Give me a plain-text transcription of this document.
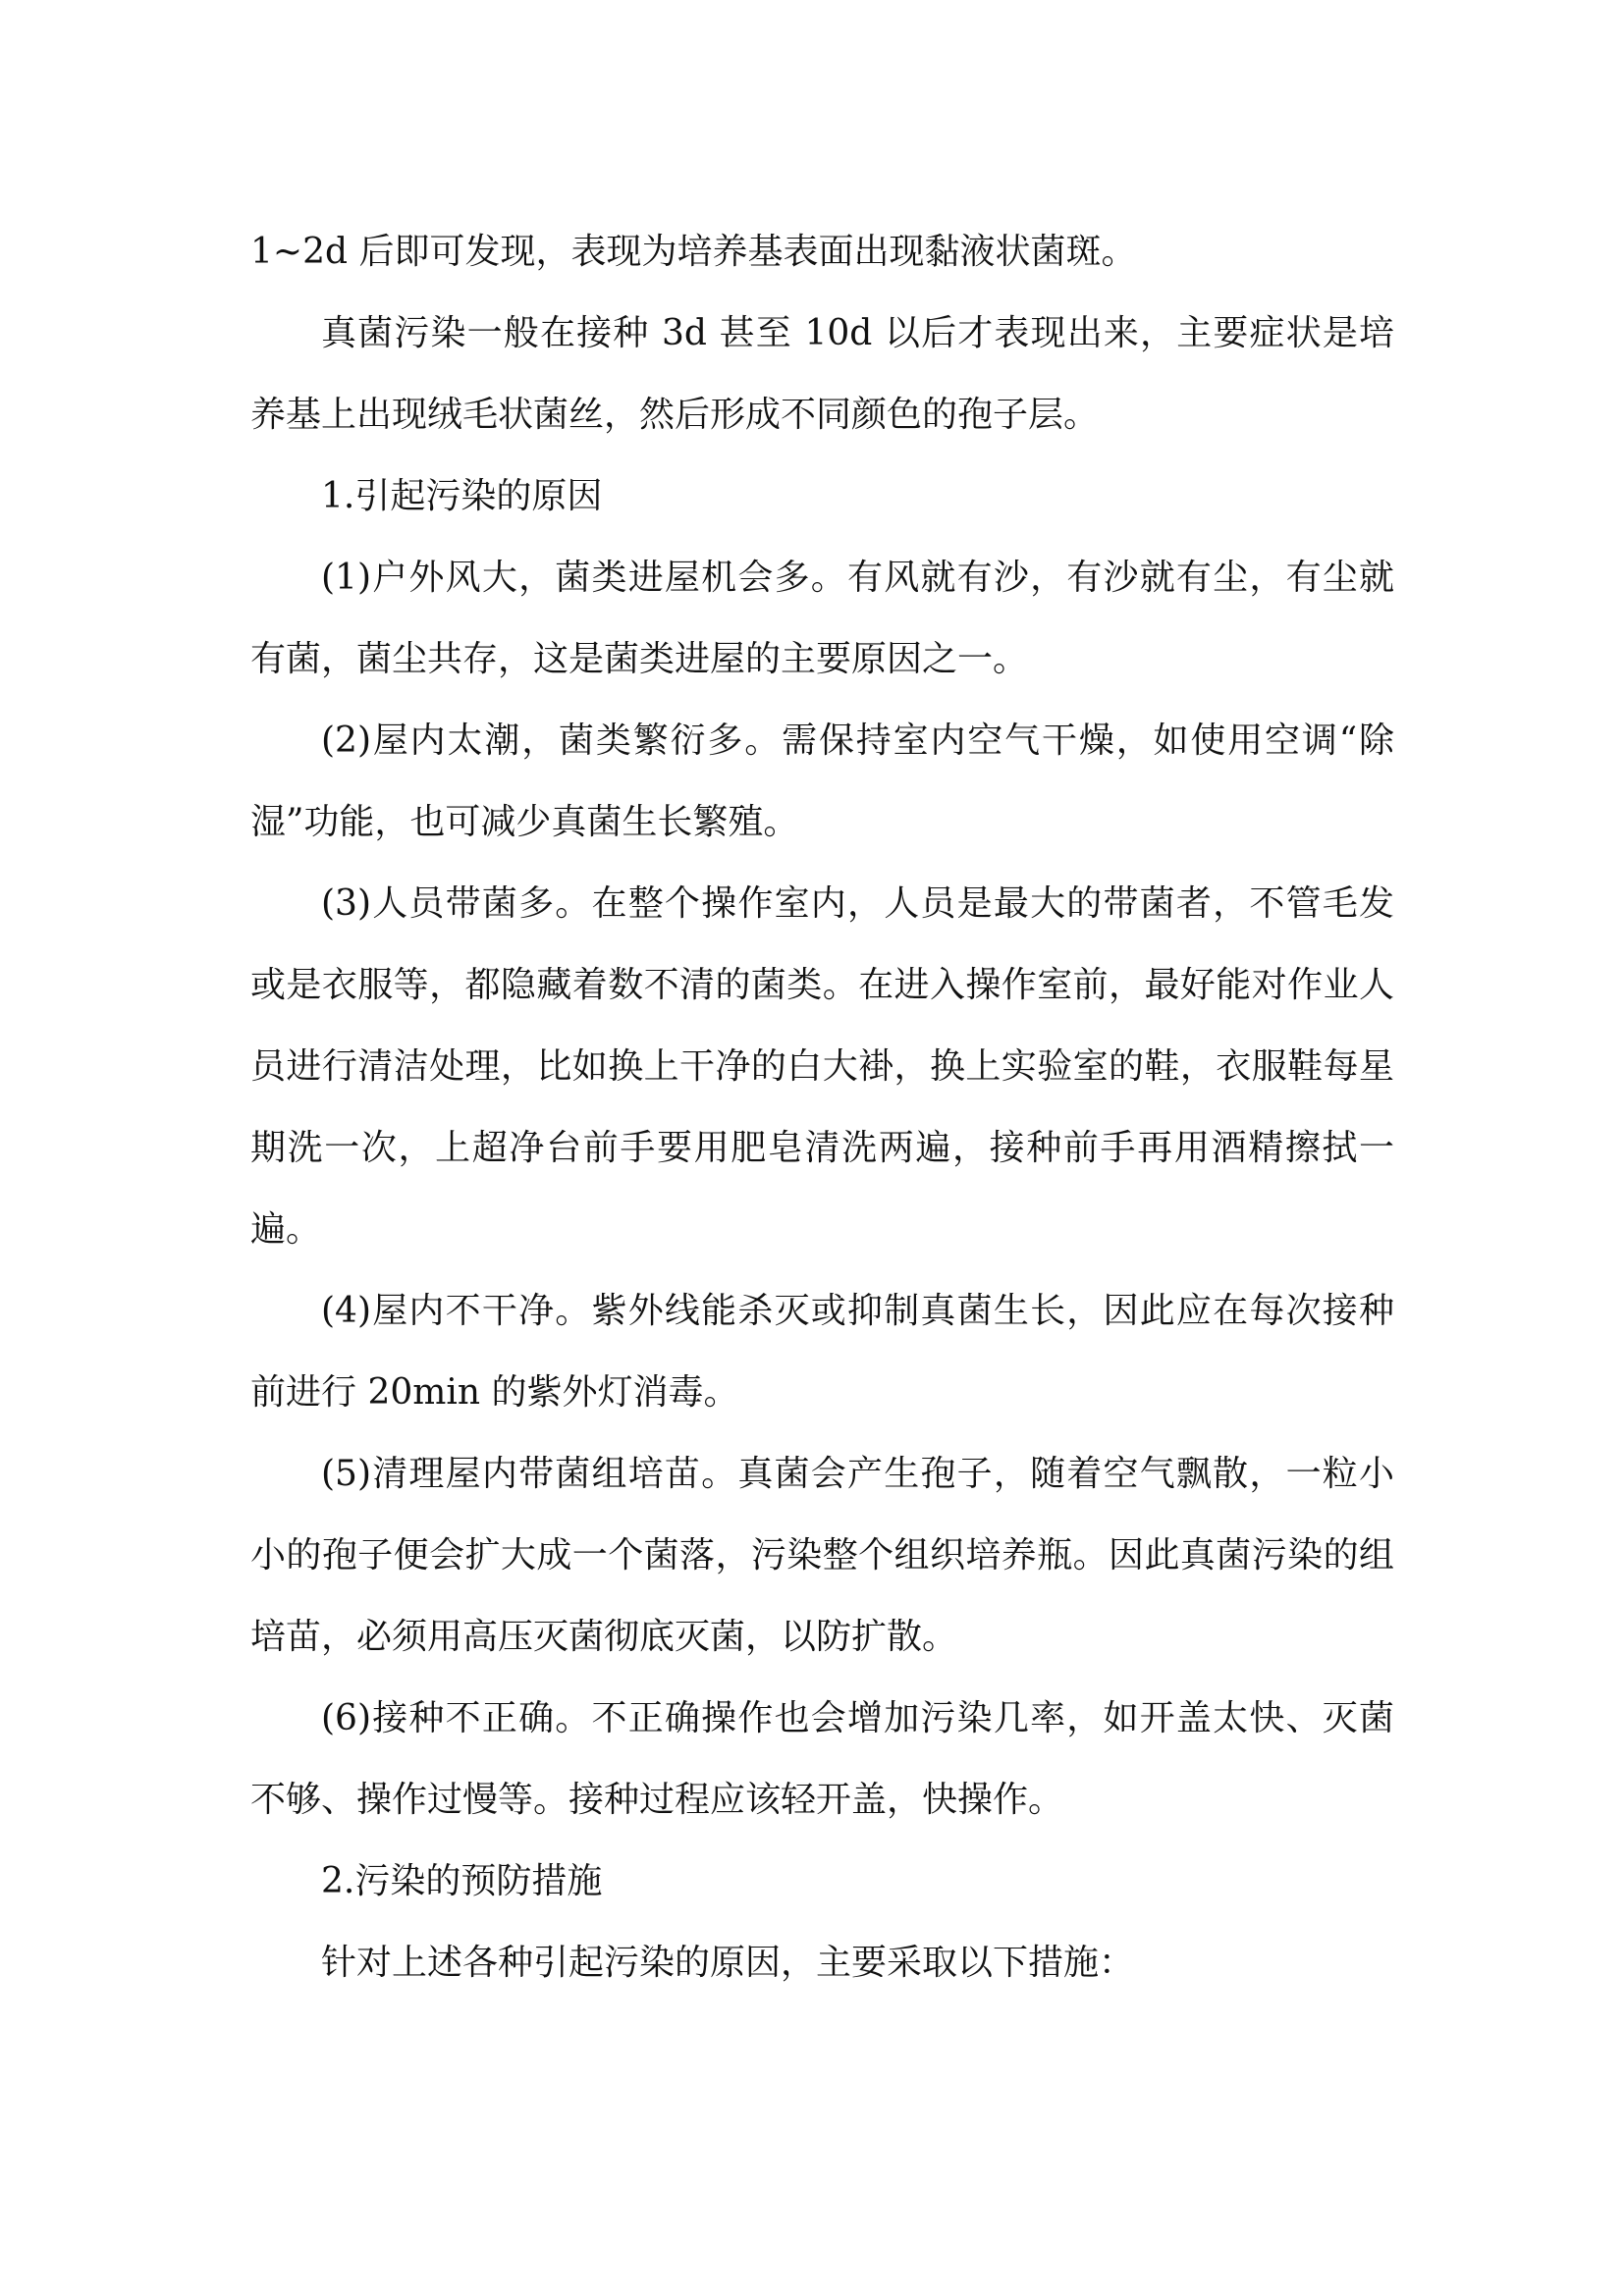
1~2d 后即可发现，表现为培养基表面出现黏液状菌斑。

真菌污染一般在接种 3d 甚至 10d 以后才表现出来，主要症状是培养基上出现绒毛状菌丝，然后形成不同颜色的孢子层。

1.引起污染的原因

(1)户外风大，菌类进屋机会多。有风就有沙，有沙就有尘，有尘就有菌，菌尘共存，这是菌类进屋的主要原因之一。

(2)屋内太潮，菌类繁衍多。需保持室内空气干燥，如使用空调“除湿”功能，也可减少真菌生长繁殖。

(3)人员带菌多。在整个操作室内，人员是最大的带菌者，不管毛发或是衣服等，都隐藏着数不清的菌类。在进入操作室前，最好能对作业人员进行清洁处理，比如换上干净的白大褂，换上实验室的鞋，衣服鞋每星期洗一次，上超净台前手要用肥皂清洗两遍，接种前手再用酒精擦拭一遍。

(4)屋内不干净。紫外线能杀灭或抑制真菌生长，因此应在每次接种前进行 20min 的紫外灯消毒。

(5)清理屋内带菌组培苗。真菌会产生孢子，随着空气飘散，一粒小小的孢子便会扩大成一个菌落，污染整个组织培养瓶。因此真菌污染的组培苗，必须用高压灭菌彻底灭菌，以防扩散。

(6)接种不正确。不正确操作也会增加污染几率，如开盖太快、灭菌不够、操作过慢等。接种过程应该轻开盖，快操作。

2.污染的预防措施

针对上述各种引起污染的原因，主要采取以下措施：
